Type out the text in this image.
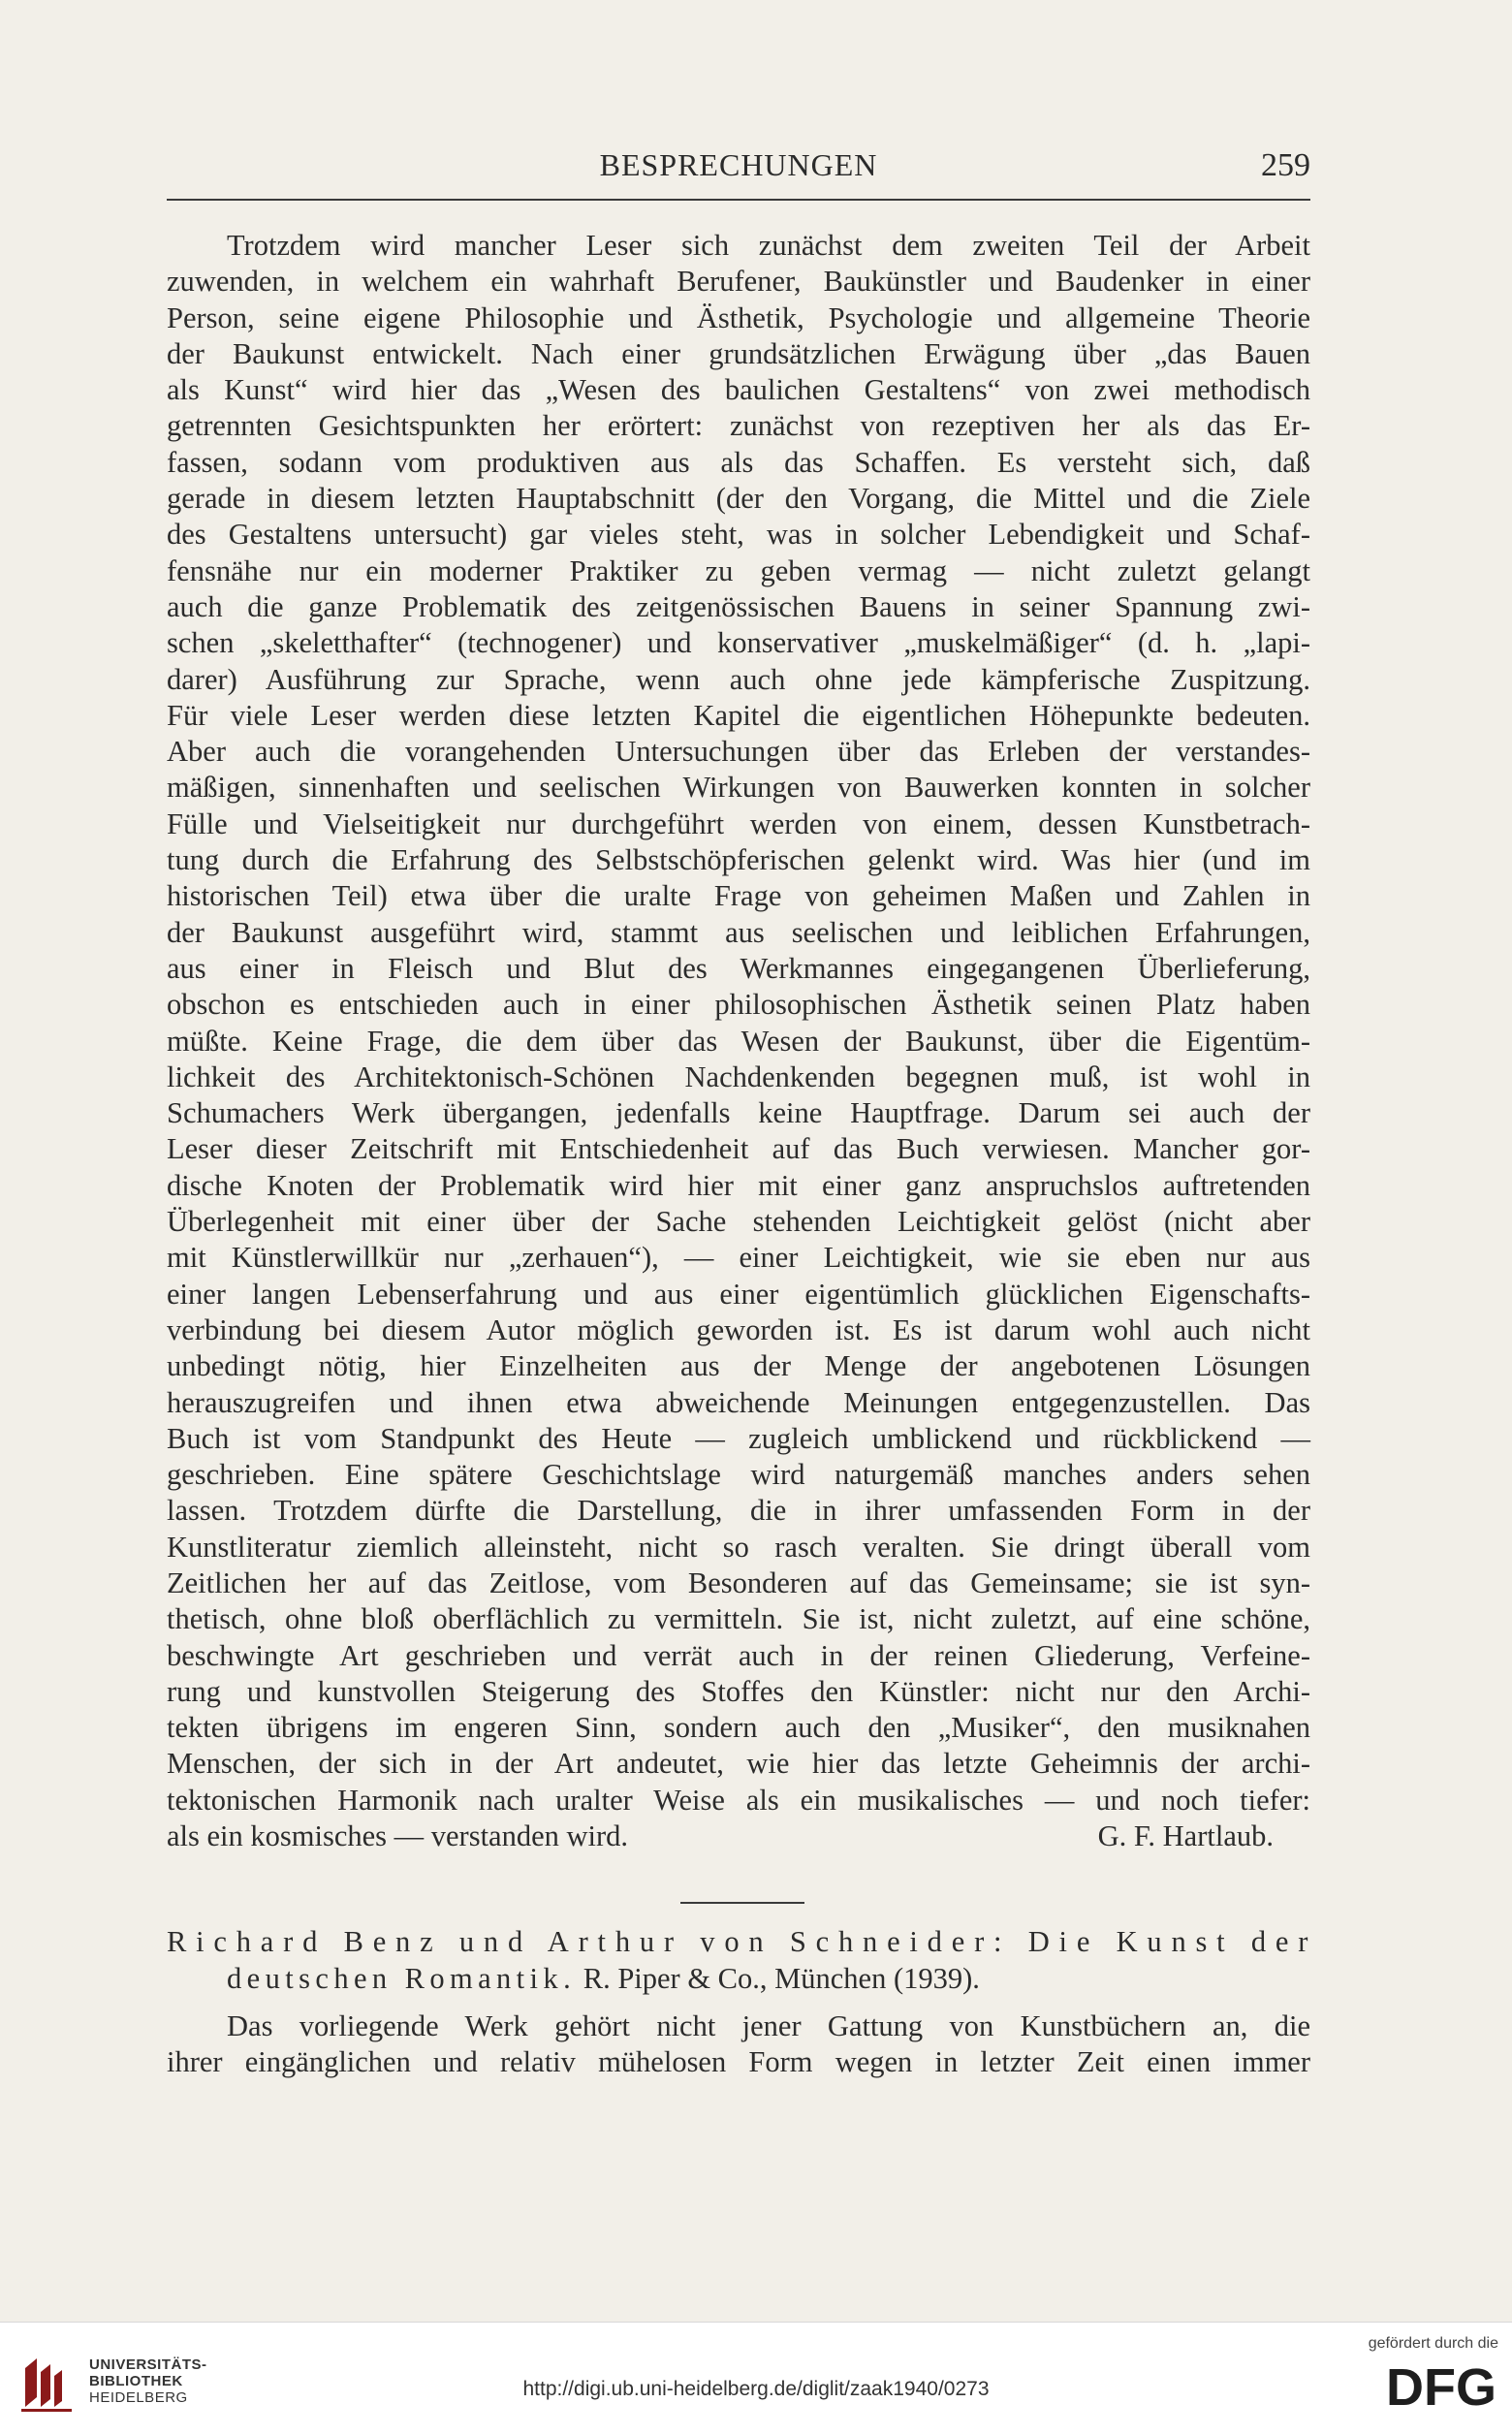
BESPRECHUNGEN	259
Trotzdem wird mancher Leser sich zunächst dem zweiten Teil der Arbeit
zuwenden, in welchem ein wahrhaft Berufener, Baukünstler und Baudenker in einer
Person, seine eigene Philosophie und Ästhetik, Psychologie und allgemeine Theorie
der Baukunst entwickelt. Nach einer grundsätzlichen Erwägung über „das Bauen
als Kunst“ wird hier das „Wesen des baulichen Gestaltens“ von zwei methodisch
getrennten Gesichtspunkten her erörtert: zunächst von rezeptiven her als das Er-
fassen, sodann vom produktiven aus als das Schaffen. Es versteht sich, daß
gerade in diesem letzten Hauptabschnitt (der den Vorgang, die Mittel und die Ziele
des Gestaltens untersucht) gar vieles steht, was in solcher Lebendigkeit und Schaf-
fensnähe nur ein moderner Praktiker zu geben vermag — nicht zuletzt gelangt
auch die ganze Problematik des zeitgenössischen Bauens in seiner Spannung zwi-
schen „skeletthafter“ (technogener) und konservativer „muskelmäßiger“ (d. h. „lapi-
darer) Ausführung zur Sprache, wenn auch ohne jede kämpferische Zuspitzung.
Für viele Leser werden diese letzten Kapitel die eigentlichen Höhepunkte bedeuten.
Aber auch die vorangehenden Untersuchungen über das Erleben der verstandes-
mäßigen, sinnenhaften und seelischen Wirkungen von Bauwerken konnten in solcher
Fülle und Vielseitigkeit nur durchgeführt werden von einem, dessen Kunstbetrach-
tung durch die Erfahrung des Selbstschöpferischen gelenkt wird. Was hier (und im
historischen Teil) etwa über die uralte Frage von geheimen Maßen und Zahlen in
der Baukunst ausgeführt wird, stammt aus seelischen und leiblichen Erfahrungen,
aus einer in Fleisch und Blut des Werkmannes eingegangenen Überlieferung,
obschon es entschieden auch in einer philosophischen Ästhetik seinen Platz haben
müßte. Keine Frage, die dem über das Wesen der Baukunst, über die Eigentüm-
lichkeit des Architektonisch-Schönen Nachdenkenden begegnen muß, ist wohl in
Schumachers Werk übergangen, jedenfalls keine Hauptfrage. Darum sei auch der
Leser dieser Zeitschrift mit Entschiedenheit auf das Buch verwiesen. Mancher gor-
dische Knoten der Problematik wird hier mit einer ganz anspruchslos auftretenden
Überlegenheit mit einer über der Sache stehenden Leichtigkeit gelöst (nicht aber
mit Künstlerwillkür nur „zerhauen“), — einer Leichtigkeit, wie sie eben nur aus
einer langen Lebenserfahrung und aus einer eigentümlich glücklichen Eigenschafts-
verbindung bei diesem Autor möglich geworden ist. Es ist darum wohl auch nicht
unbedingt nötig, hier Einzelheiten aus der Menge der angebotenen Lösungen
herauszugreifen und ihnen etwa abweichende Meinungen entgegenzustellen. Das
Buch ist vom Standpunkt des Heute — zugleich umblickend und rückblickend —
geschrieben. Eine spätere Geschichtslage wird naturgemäß manches anders sehen
lassen. Trotzdem dürfte die Darstellung, die in ihrer umfassenden Form in der
Kunstliteratur ziemlich alleinsteht, nicht so rasch veralten. Sie dringt überall vom
Zeitlichen her auf das Zeitlose, vom Besonderen auf das Gemeinsame; sie ist syn-
thetisch, ohne bloß oberflächlich zu vermitteln. Sie ist, nicht zuletzt, auf eine schöne,
beschwingte Art geschrieben und verrät auch in der reinen Gliederung, Verfeine-
rung und kunstvollen Steigerung des Stoffes den Künstler: nicht nur den Archi-
tekten übrigens im engeren Sinn, sondern auch den „Musiker“, den musiknahen
Menschen, der sich in der Art andeutet, wie hier das letzte Geheimnis der archi-
tektonischen Harmonik nach uralter Weise als ein musikalisches — und noch tiefer:
als ein kosmisches — verstanden wird.	G. F. Hartlaub.
Richard Benz und Arthur von Schneider: Die Kunst der
deutschen Romantik. R. Piper & Co., München (1939).
Das vorliegende Werk gehört nicht jener Gattung von Kunstbüchern an, die
ihrer eingänglichen und relativ mühelosen Form wegen in letzter Zeit einen immer
UNIVERSITÄTS-
BIBLIOTHEK
HEIDELBERG	http://digi.ub.uni-heidelberg.de/diglit/zaak1940/0273
gefördert durch die
DFG
